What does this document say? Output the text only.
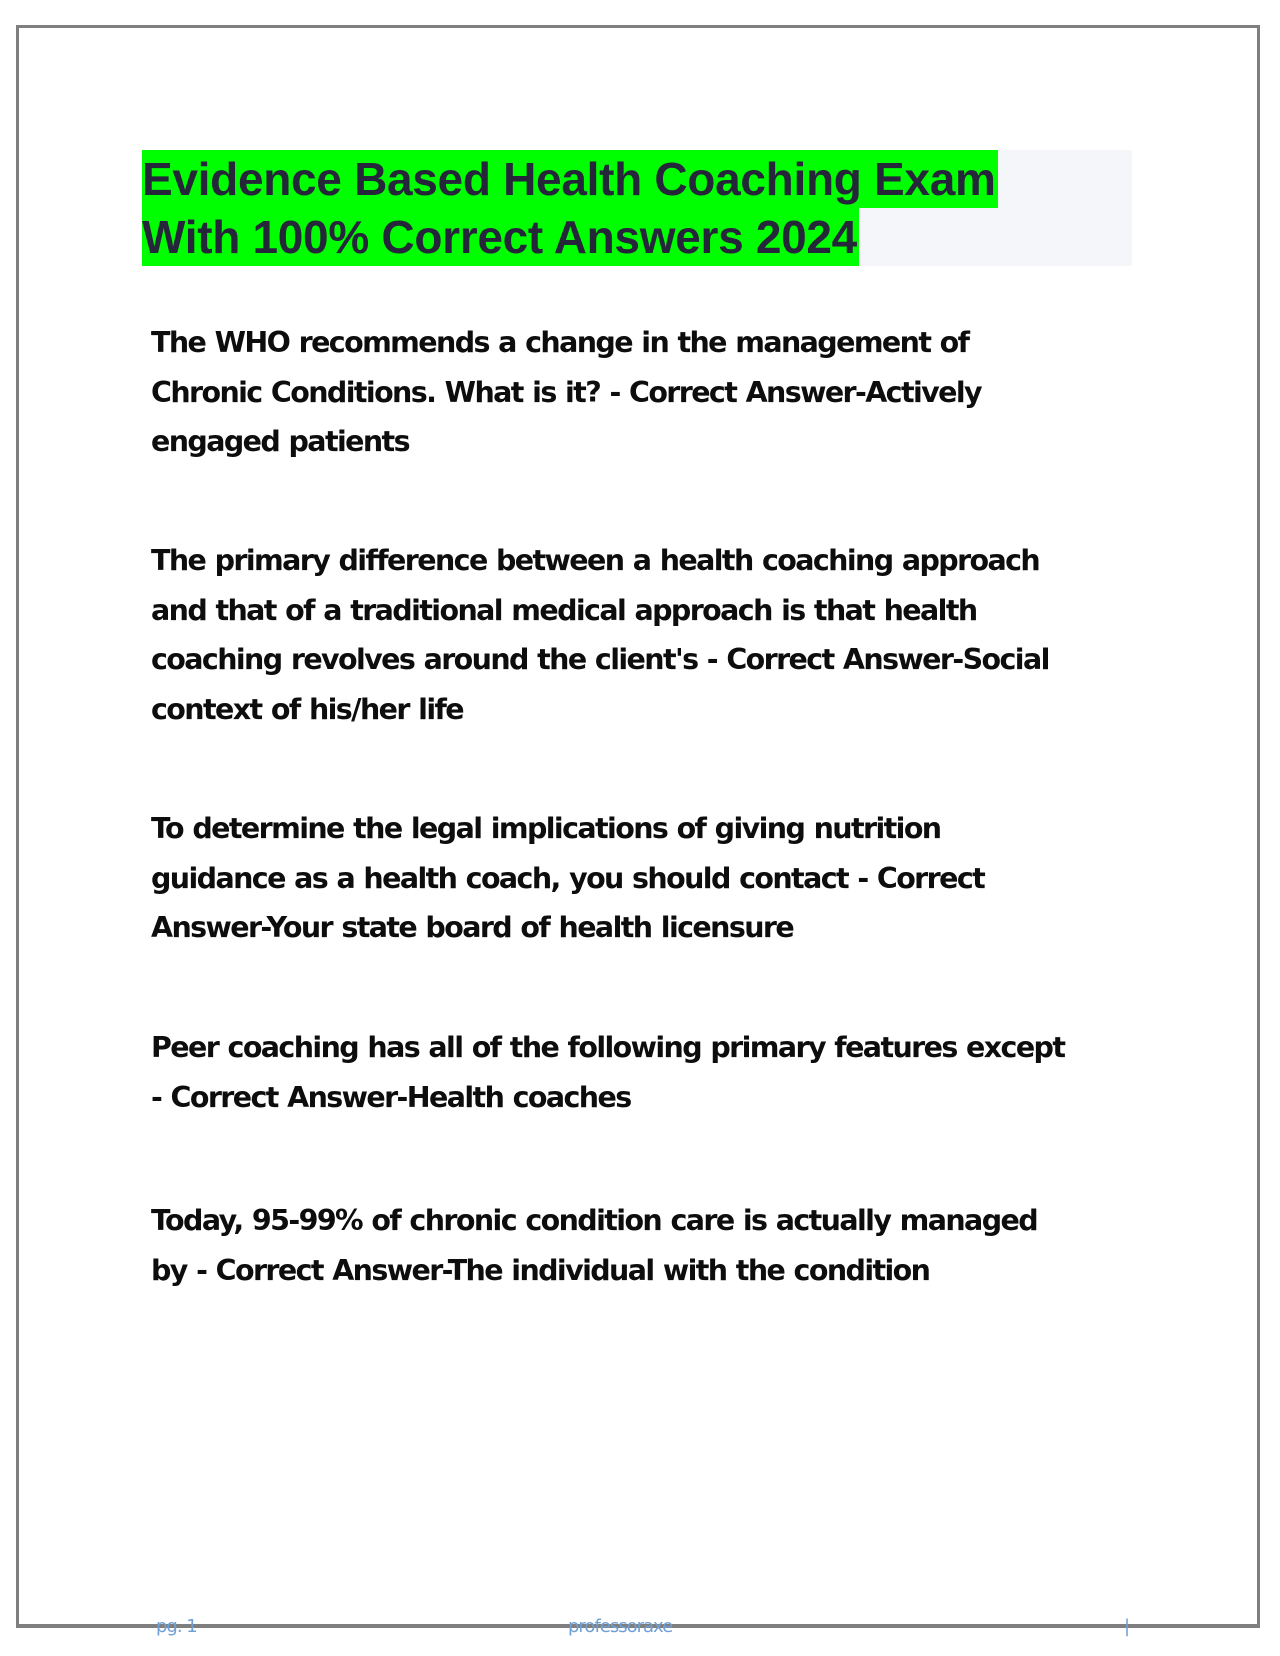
Evidence Based Health Coaching Exam
With 100% Correct Answers 2024
The WHO recommends a change in the management of
Chronic Conditions. What is it? - Correct Answer-Actively
engaged patients
The primary difference between a health coaching approach
and that of a traditional medical approach is that health
coaching revolves around the client's - Correct Answer-Social
context of his/her life
To determine the legal implications of giving nutrition
guidance as a health coach, you should contact - Correct
Answer-Your state board of health licensure
Peer coaching has all of the following primary features except
- Correct Answer-Health coaches
Today, 95-99% of chronic condition care is actually managed
by - Correct Answer-The individual with the condition
pg. 1	professoraxe	|
